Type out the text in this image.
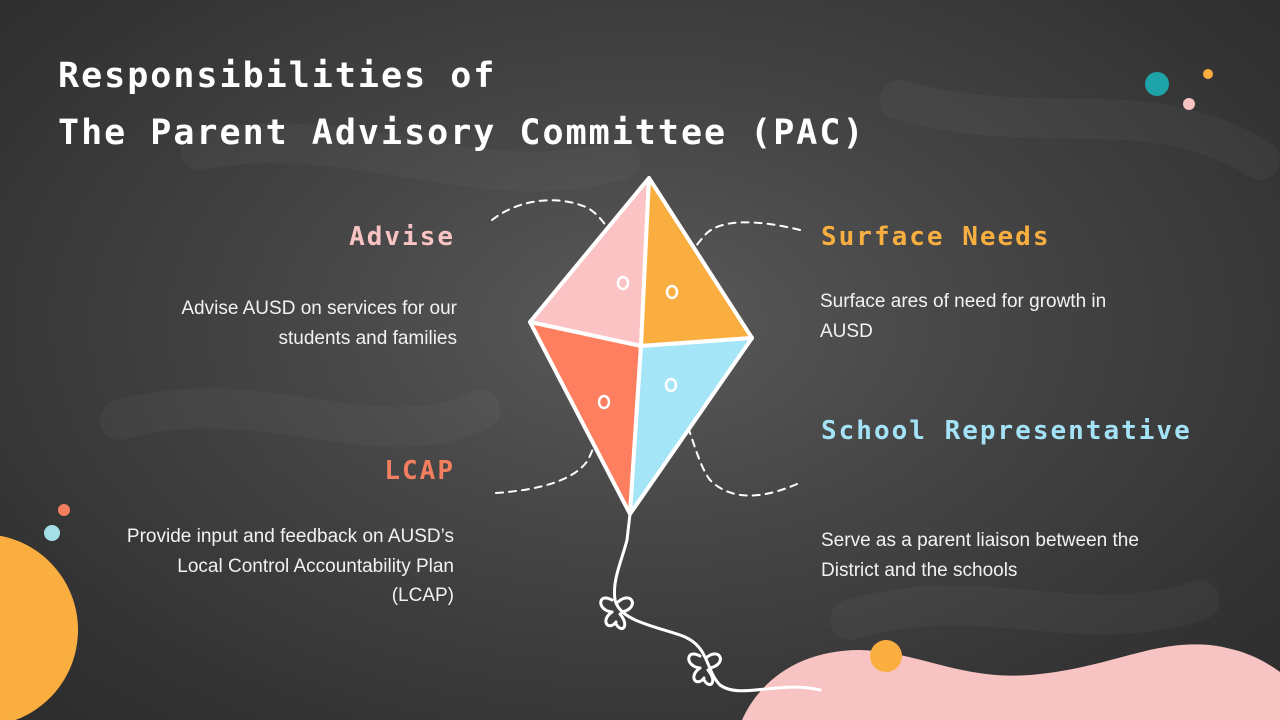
Responsibilities of
The Parent Advisory Committee (PAC)
Advise

Advise AUSD on services for our students and families

Surface Needs

Surface ares of need for growth in AUSD

LCAP

Provide input and feedback on AUSD’s Local Control Accountability Plan (LCAP)

School Representative

Serve as a parent liaison between the District and the schools
